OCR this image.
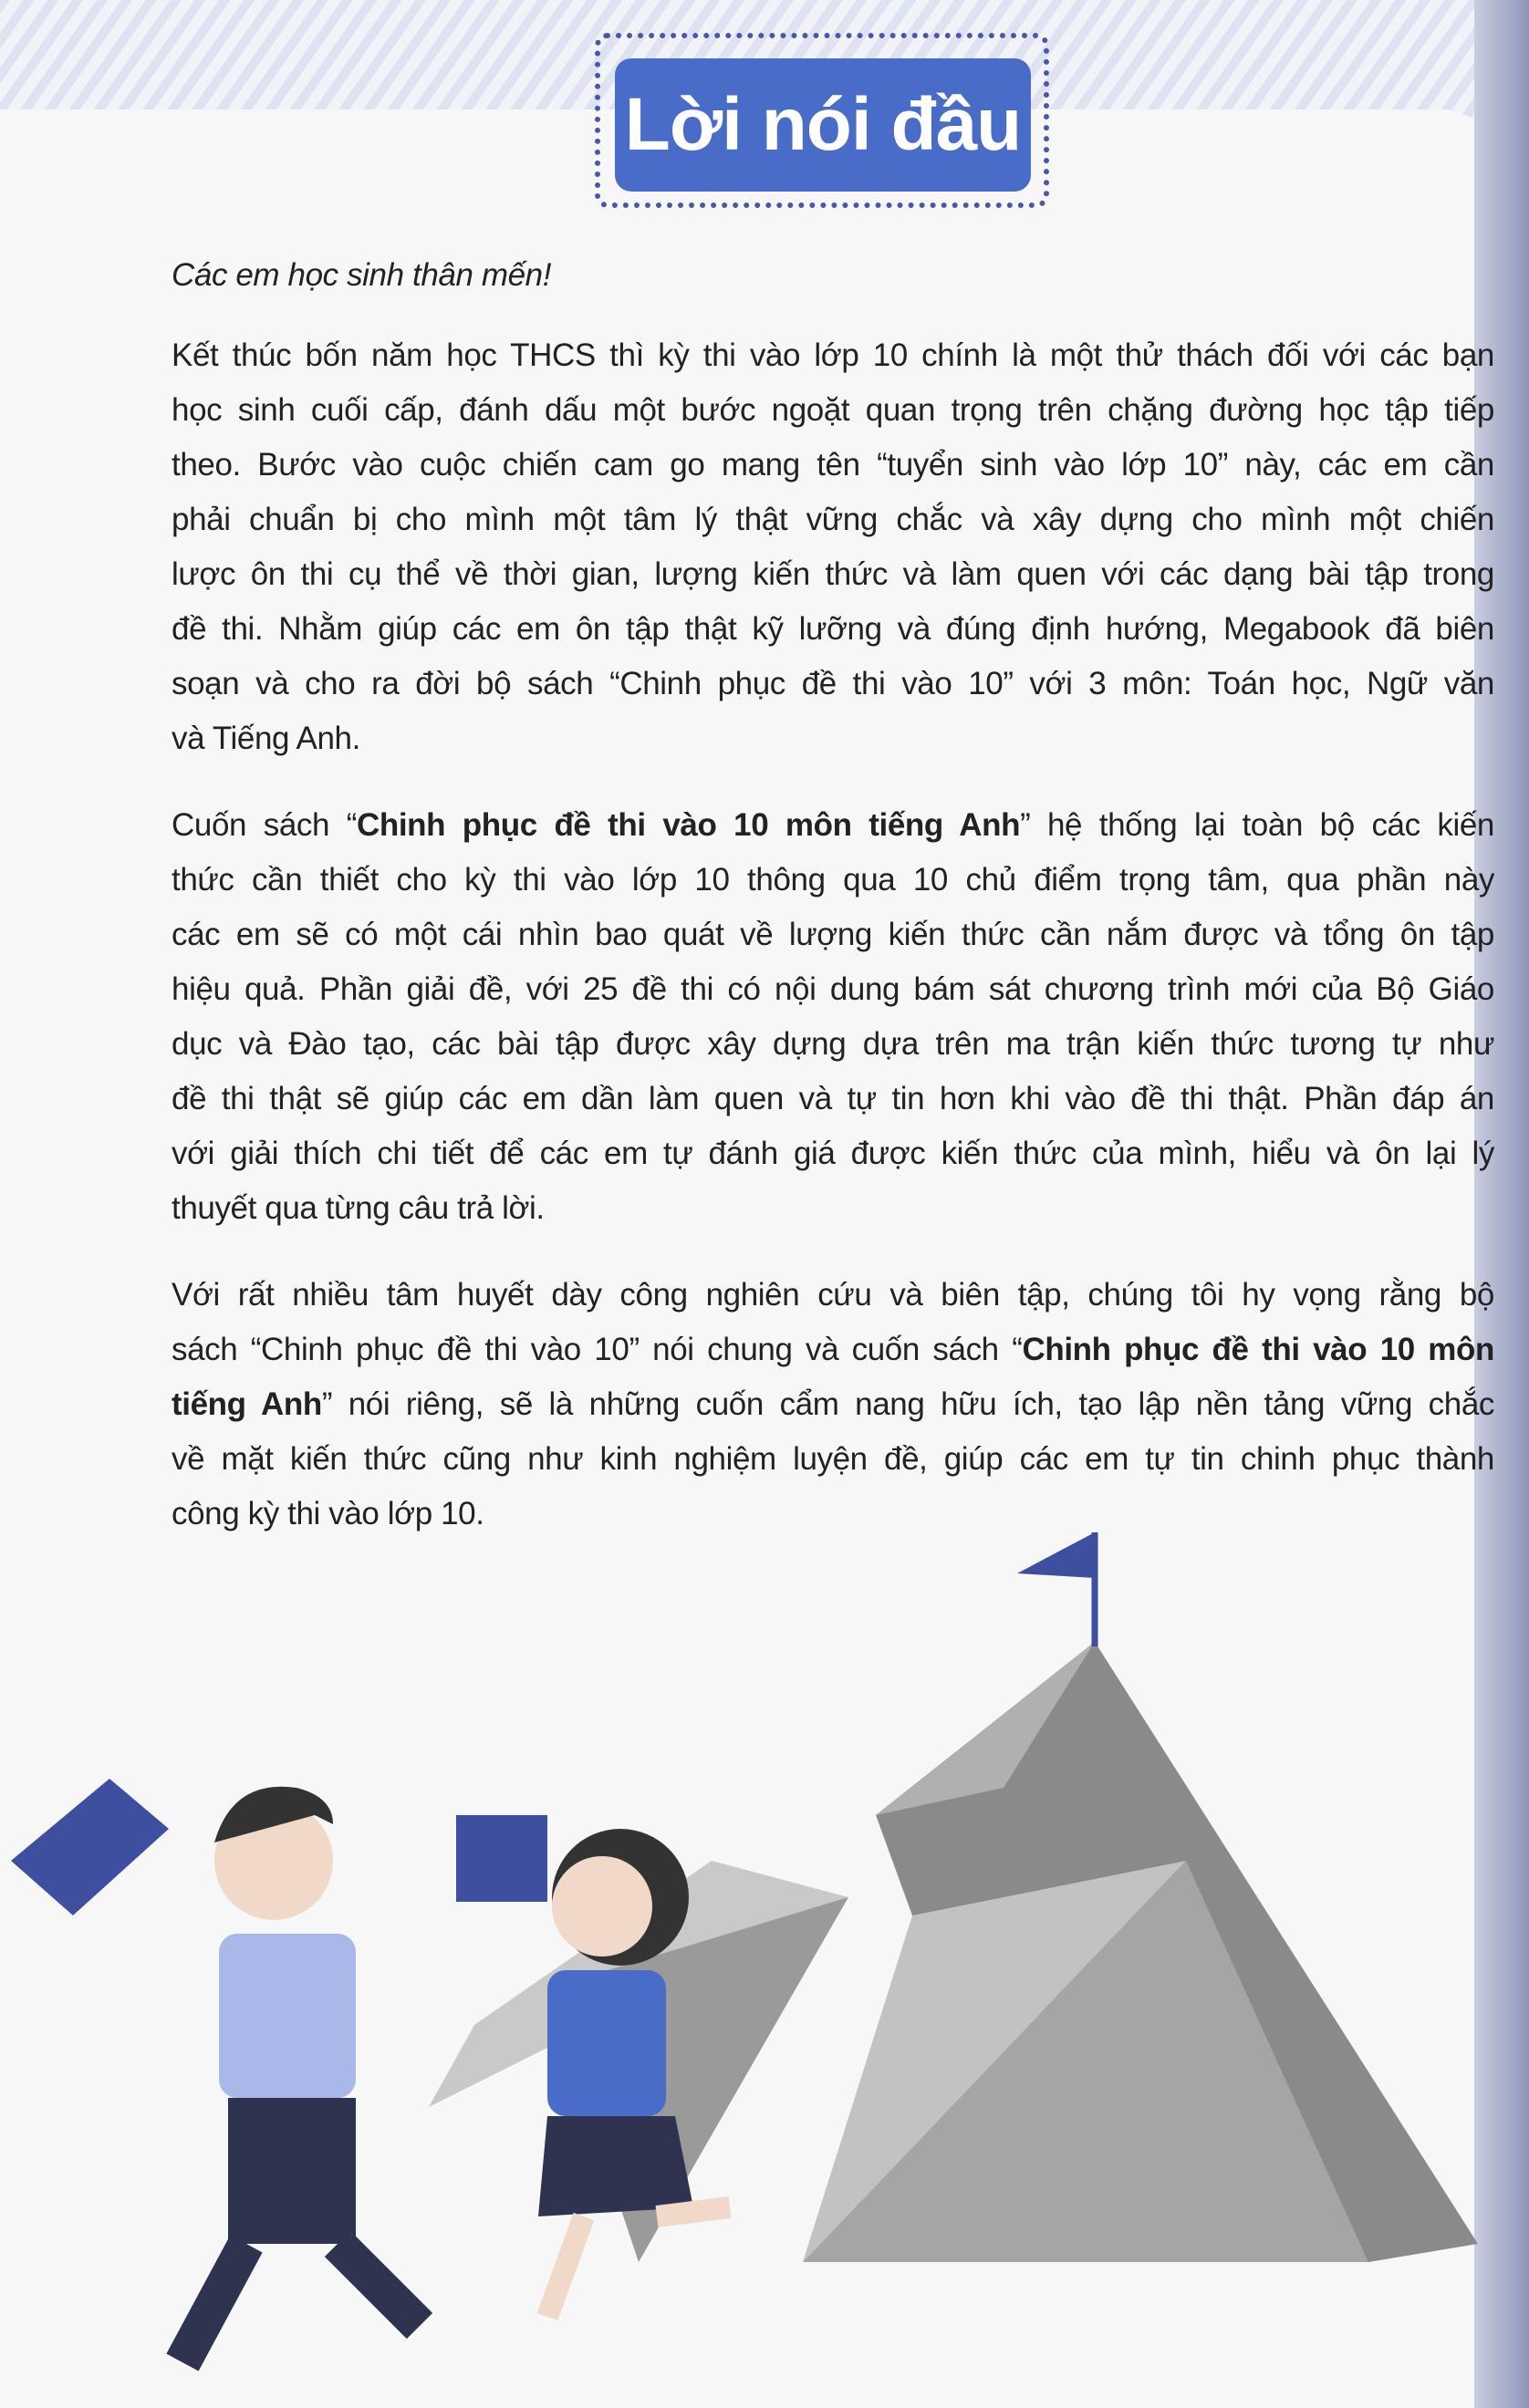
Lời nói đầu
Các em học sinh thân mến!
Kết thúc bốn năm học THCS thì kỳ thi vào lớp 10 chính là một thử thách đối với các bạn
học sinh cuối cấp, đánh dấu một bước ngoặt quan trọng trên chặng đường học tập tiếp
theo. Bước vào cuộc chiến cam go mang tên “tuyển sinh vào lớp 10” này, các em cần
phải chuẩn bị cho mình một tâm lý thật vững chắc và xây dựng cho mình một chiến
lược ôn thi cụ thể về thời gian, lượng kiến thức và làm quen với các dạng bài tập trong
đề thi. Nhằm giúp các em ôn tập thật kỹ lưỡng và đúng định hướng, Megabook đã biên
soạn và cho ra đời bộ sách “Chinh phục đề thi vào 10” với 3 môn: Toán học, Ngữ văn
và Tiếng Anh.
Cuốn sách “Chinh phục đề thi vào 10 môn tiếng Anh” hệ thống lại toàn bộ các kiến
thức cần thiết cho kỳ thi vào lớp 10 thông qua 10 chủ điểm trọng tâm, qua phần này
các em sẽ có một cái nhìn bao quát về lượng kiến thức cần nắm được và tổng ôn tập
hiệu quả. Phần giải đề, với 25 đề thi có nội dung bám sát chương trình mới của Bộ Giáo
dục và Đào tạo, các bài tập được xây dựng dựa trên ma trận kiến thức tương tự như
đề thi thật sẽ giúp các em dần làm quen và tự tin hơn khi vào đề thi thật. Phần đáp án
với giải thích chi tiết để các em tự đánh giá được kiến thức của mình, hiểu và ôn lại lý
thuyết qua từng câu trả lời.
Với rất nhiều tâm huyết dày công nghiên cứu và biên tập, chúng tôi hy vọng rằng bộ
sách “Chinh phục đề thi vào 10” nói chung và cuốn sách “Chinh phục đề thi vào 10 môn
tiếng Anh” nói riêng, sẽ là những cuốn cẩm nang hữu ích, tạo lập nền tảng vững chắc
về mặt kiến thức cũng như kinh nghiệm luyện đề, giúp các em tự tin chinh phục thành
công kỳ thi vào lớp 10.
